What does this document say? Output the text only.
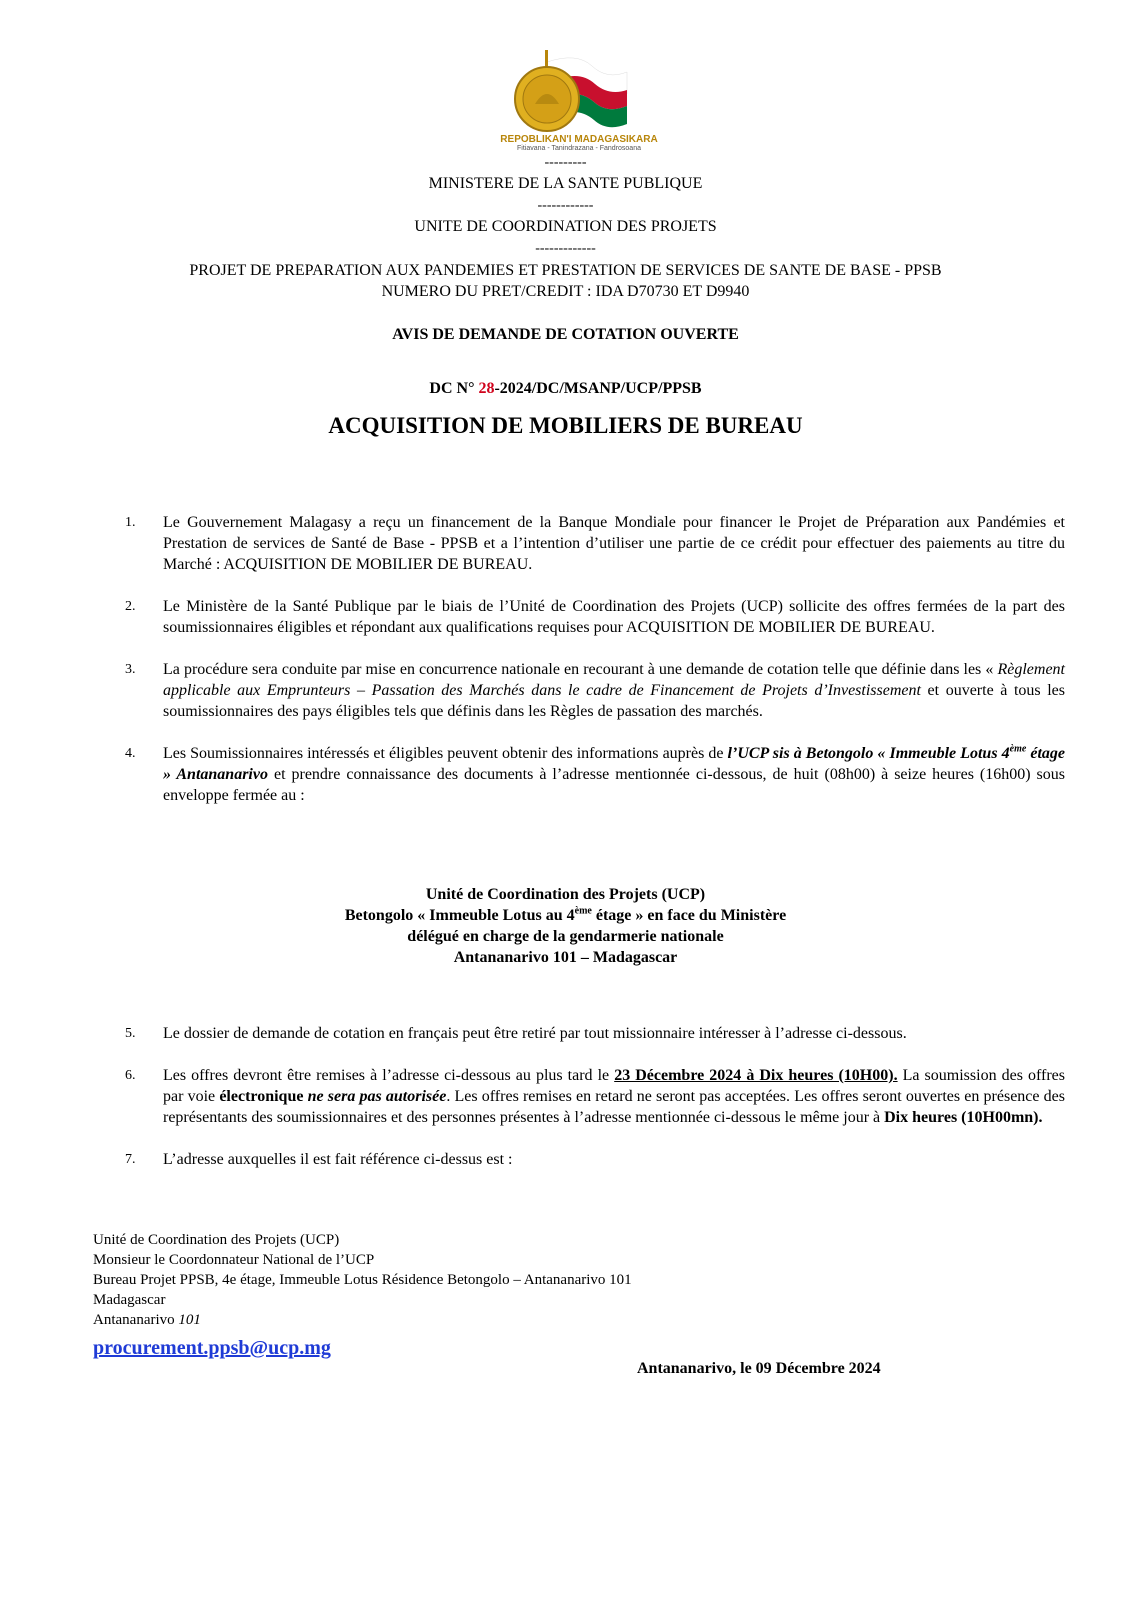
REPOBLIKAN'I MADAGASIKARA
Fitiavana - Tanindrazana - Fandrosoana
---------
MINISTERE DE LA SANTE PUBLIQUE
------------
UNITE DE COORDINATION DES PROJETS
-------------
PROJET DE PREPARATION AUX PANDEMIES ET PRESTATION DE SERVICES DE SANTE DE BASE - PPSB
NUMERO DU PRET/CREDIT : IDA D70730 ET D9940
AVIS DE DEMANDE DE COTATION OUVERTE
DC N° 28-2024/DC/MSANP/UCP/PPSB
ACQUISITION DE MOBILIERS DE BUREAU
1.	Le Gouvernement Malagasy a reçu un financement de la Banque Mondiale pour financer le Projet de Préparation aux Pandémies et Prestation de services de Santé de Base - PPSB et a l’intention d’utiliser une partie de ce crédit pour effectuer des paiements au titre du Marché : ACQUISITION DE MOBILIER DE BUREAU.
2.	Le Ministère de la Santé Publique par le biais de l’Unité de Coordination des Projets (UCP) sollicite des offres fermées de la part des soumissionnaires éligibles et répondant aux qualifications requises pour ACQUISITION DE MOBILIER DE BUREAU.
3.	La procédure sera conduite par mise en concurrence nationale en recourant à une demande de cotation telle que définie dans les « Règlement applicable aux Emprunteurs – Passation des Marchés dans le cadre de Financement de Projets d’Investissement et ouverte à tous les soumissionnaires des pays éligibles tels que définis dans les Règles de passation des marchés.
4.	Les Soumissionnaires intéressés et éligibles peuvent obtenir des informations auprès de l’UCP sis à Betongolo « Immeuble Lotus 4ème étage » Antananarivo et prendre connaissance des documents à l’adresse mentionnée ci-dessous, de huit (08h00) à seize heures (16h00) sous enveloppe fermée au :
Unité de Coordination des Projets (UCP)
Betongolo « Immeuble Lotus au 4ème étage » en face du Ministère
délégué en charge de la gendarmerie nationale
Antananarivo 101 – Madagascar
5.	Le dossier de demande de cotation en français peut être retiré par tout missionnaire intéresser à l’adresse ci-dessous.
6.	Les offres devront être remises à l’adresse ci-dessous au plus tard le 23 Décembre 2024 à Dix heures (10H00). La soumission des offres par voie électronique ne sera pas autorisée. Les offres remises en retard ne seront pas acceptées. Les offres seront ouvertes en présence des représentants des soumissionnaires et des personnes présentes à l’adresse mentionnée ci-dessous le même jour à Dix heures (10H00mn).
7.	L’adresse auxquelles il est fait référence ci-dessus est :
Unité de Coordination des Projets (UCP)
Monsieur le Coordonnateur National de l’UCP
Bureau Projet PPSB, 4e étage, Immeuble Lotus Résidence Betongolo – Antananarivo 101
Madagascar
Antananarivo 101
procurement.ppsb@ucp.mg
Antananarivo, le 09 Décembre 2024
